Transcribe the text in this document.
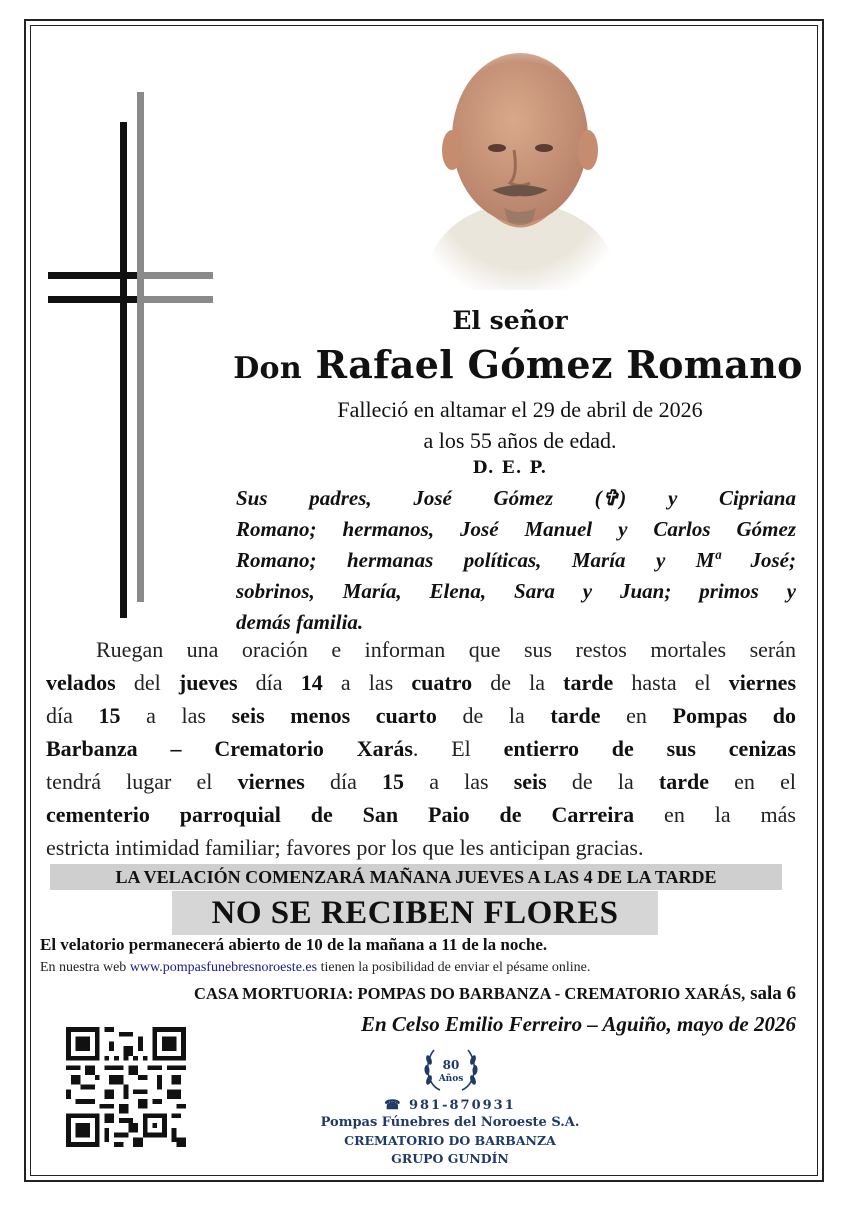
El señor
Don Rafael Gómez Romano
Falleció en altamar el 29 de abril de 2026
a los 55 años de edad.
D. E. P.
Sus padres, José Gómez (✞) y Cipriana
Romano; hermanos, José Manuel y Carlos Gómez
Romano; hermanas políticas, María y Mª José;
sobrinos, María, Elena, Sara y Juan; primos y
demás familia.
Ruegan una oración e informan que sus restos mortales serán
velados del jueves día 14 a las cuatro de la tarde hasta el viernes
día 15 a las seis menos cuarto de la tarde en Pompas do
Barbanza – Crematorio Xarás. El entierro de sus cenizas
tendrá lugar el viernes día 15 a las seis de la tarde en el
cementerio parroquial de San Paio de Carreira en la más
estricta intimidad familiar; favores por los que les anticipan gracias.
LA VELACIÓN COMENZARÁ MAÑANA JUEVES A LAS 4 DE LA TARDE
NO SE RECIBEN FLORES
El velatorio permanecerá abierto de 10 de la mañana a 11 de la noche.
En nuestra web www.pompasfunebresnoroeste.es tienen la posibilidad de enviar el pésame online.
CASA MORTUORIA: POMPAS DO BARBANZA - CREMATORIO XARÁS, sala 6
En Celso Emilio Ferreiro – Aguiño, mayo de 2026
80
Años
☎ 981-870931
Pompas Fúnebres del Noroeste S.A.
CREMATORIO DO BARBANZA
GRUPO GUNDÍN
